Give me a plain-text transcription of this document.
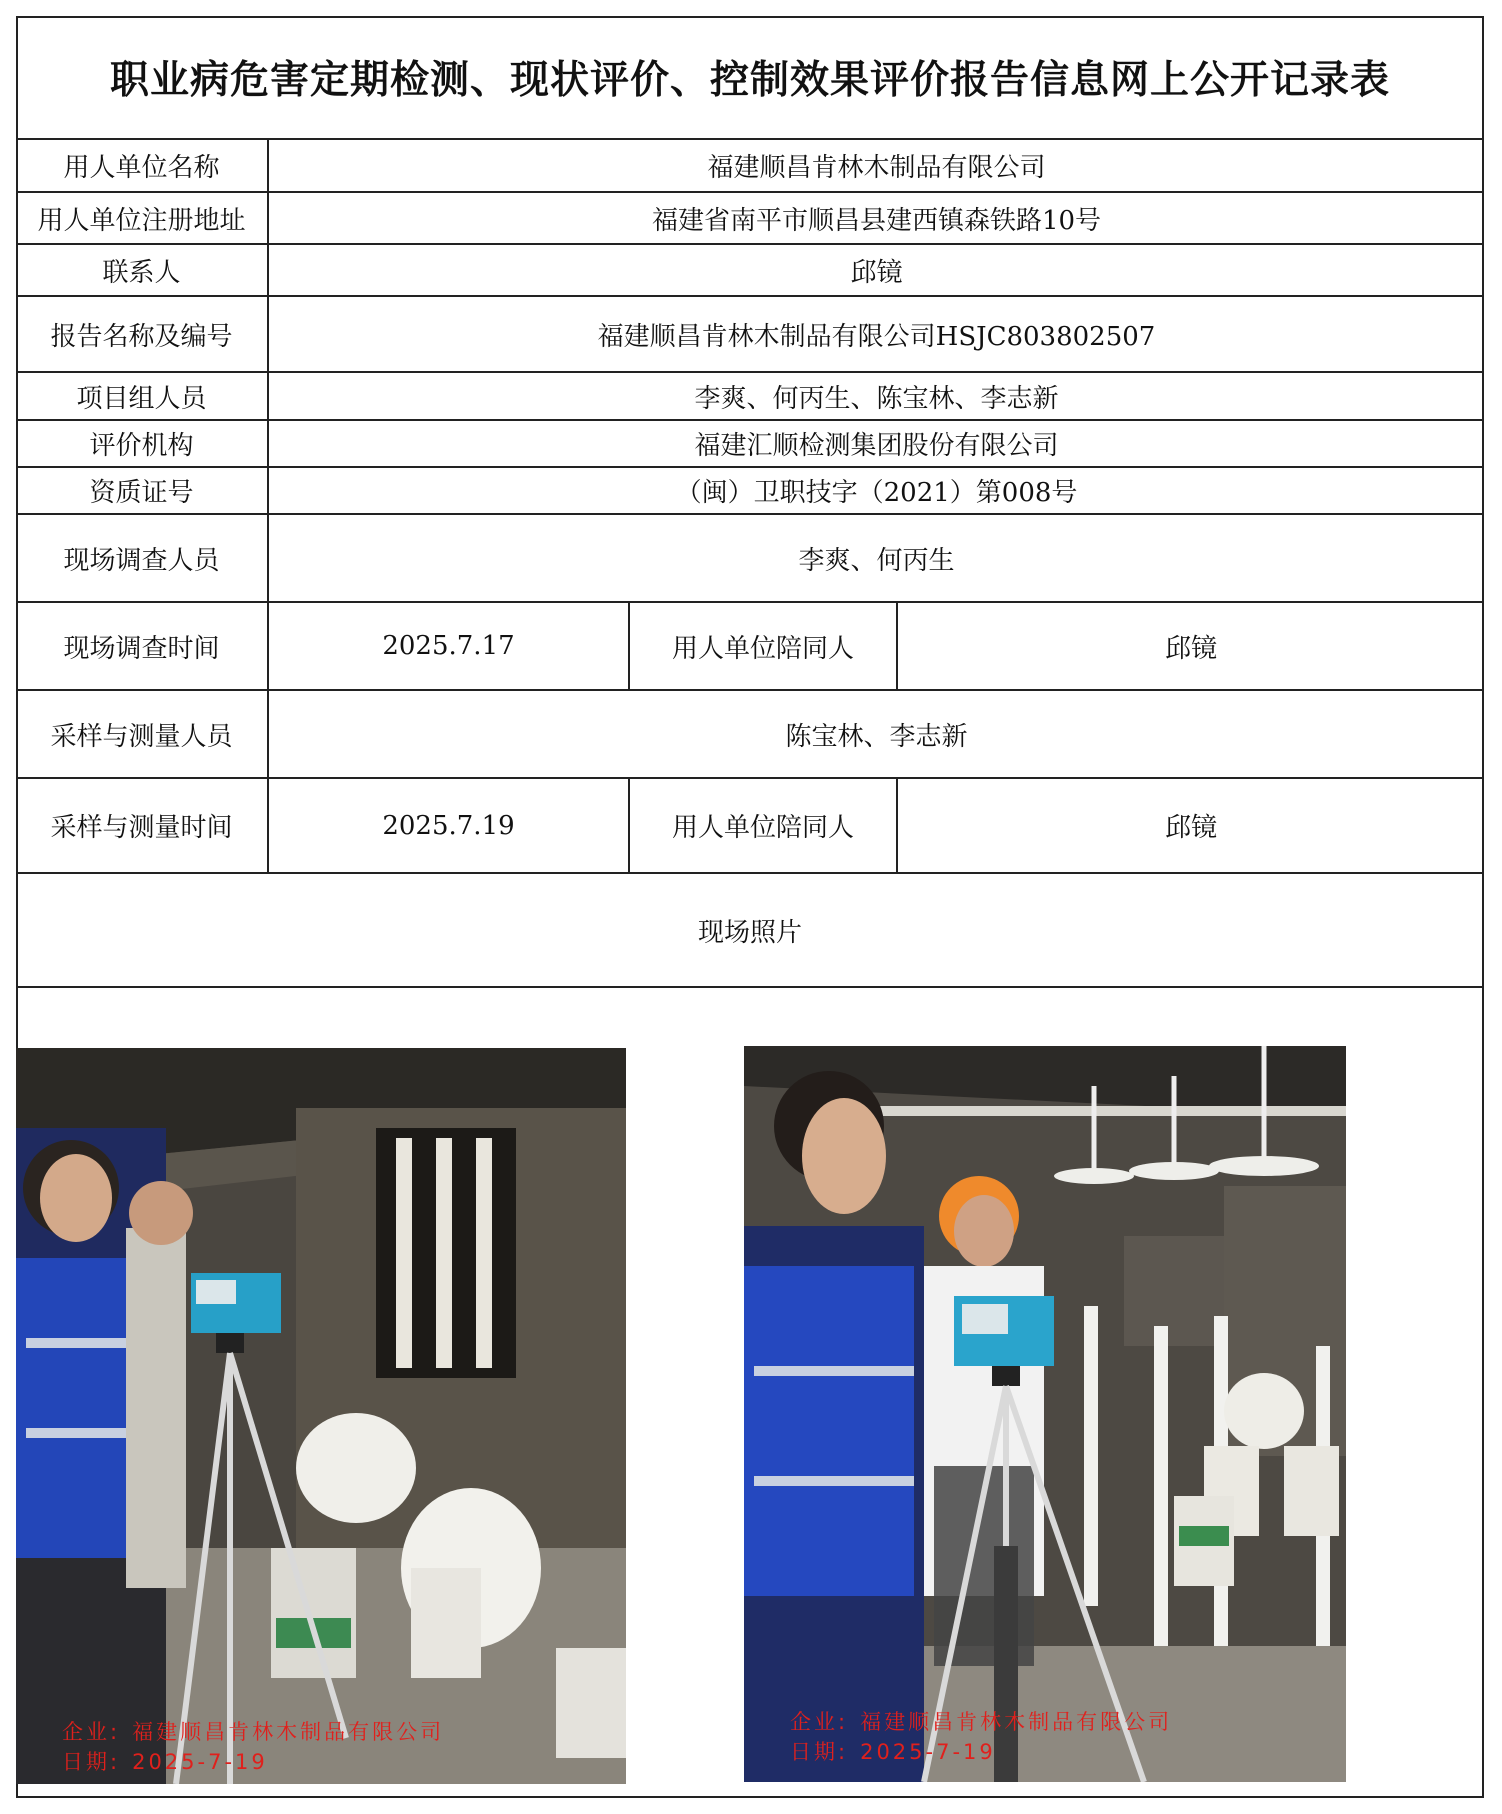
职业病危害定期检测、现状评价、控制效果评价报告信息网上公开记录表
用人单位名称	福建顺昌肯林木制品有限公司		
用人单位注册地址	福建省南平市顺昌县建西镇森铁路10号		
联系人	邱镜		
报告名称及编号	福建顺昌肯林木制品有限公司HSJC803802507		
项目组人员	李爽、何丙生、陈宝林、李志新		
评价机构	福建汇顺检测集团股份有限公司		
资质证号	（闽）卫职技字（2021）第008号		
现场调查人员	李爽、何丙生		
现场调查时间	2025.7.17	用人单位陪同人	邱镜
采样与测量人员	陈宝林、李志新		
采样与测量时间	2025.7.19	用人单位陪同人	邱镜
现场照片			
企业: 福建顺昌肯林木制品有限公司
日期: 2025-7-19
企业: 福建顺昌肯林木制品有限公司
日期: 2025-7-19
